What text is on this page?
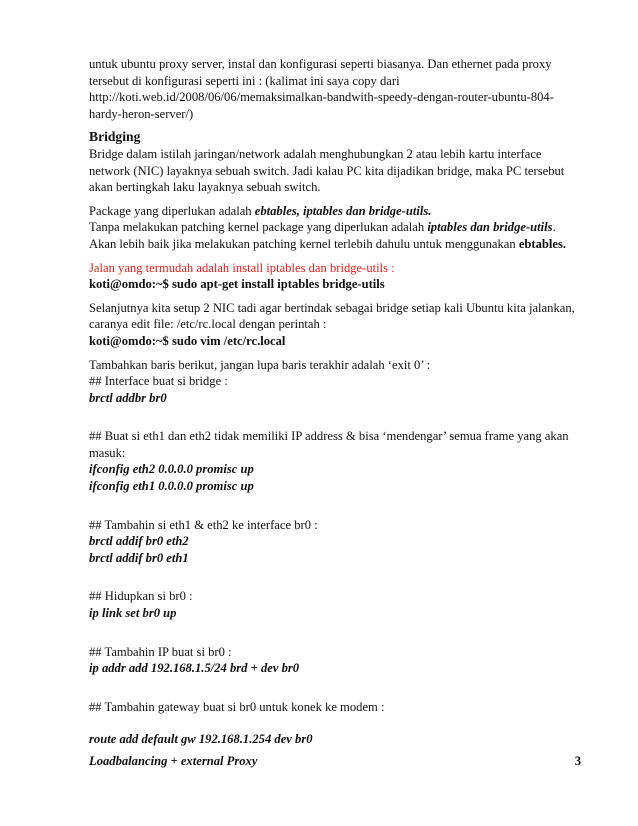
untuk ubuntu proxy server, instal dan konfigurasi seperti biasanya. Dan ethernet pada proxy

tersebut di konfigurasi seperti ini : (kalimat ini saya copy dari

http://koti.web.id/2008/06/06/memaksimalkan-bandwith-speedy-dengan-router-ubuntu-804-

hardy-heron-server/)

Bridging

Bridge dalam istilah jaringan/network adalah menghubungkan 2 atau lebih kartu interface

network (NIC) layaknya sebuah switch. Jadi kalau PC kita dijadikan bridge, maka PC tersebut

akan bertingkah laku layaknya sebuah switch.

Package yang diperlukan adalah ebtables, iptables dan bridge-utils.

Tanpa melakukan patching kernel package yang diperlukan adalah iptables dan bridge-utils.

Akan lebih baik jika melakukan patching kernel terlebih dahulu untuk menggunakan ebtables.

Jalan yang termudah adalah install iptables dan bridge-utils :

koti@omdo:~$ sudo apt-get install iptables bridge-utils

Selanjutnya kita setup 2 NIC tadi agar bertindak sebagai bridge setiap kali Ubuntu kita jalankan,

caranya edit file: /etc/rc.local dengan perintah :

koti@omdo:~$ sudo vim /etc/rc.local

Tambahkan baris berikut, jangan lupa baris terakhir adalah ‘exit 0’ :

## Interface buat si bridge :

brctl addbr br0

## Buat si eth1 dan eth2 tidak memiliki IP address & bisa ‘mendengar’ semua frame yang akan

masuk:

ifconfig eth2 0.0.0.0 promisc up

ifconfig eth1 0.0.0.0 promisc up

## Tambahin si eth1 & eth2 ke interface br0 :

brctl addif br0 eth2

brctl addif br0 eth1

## Hidupkan si br0 :

ip link set br0 up

## Tambahin IP buat si br0 :

ip addr add 192.168.1.5/24 brd + dev br0

## Tambahin gateway buat si br0 untuk konek ke modem :

route add default gw 192.168.1.254 dev br0

Loadbalancing + external Proxy	3
